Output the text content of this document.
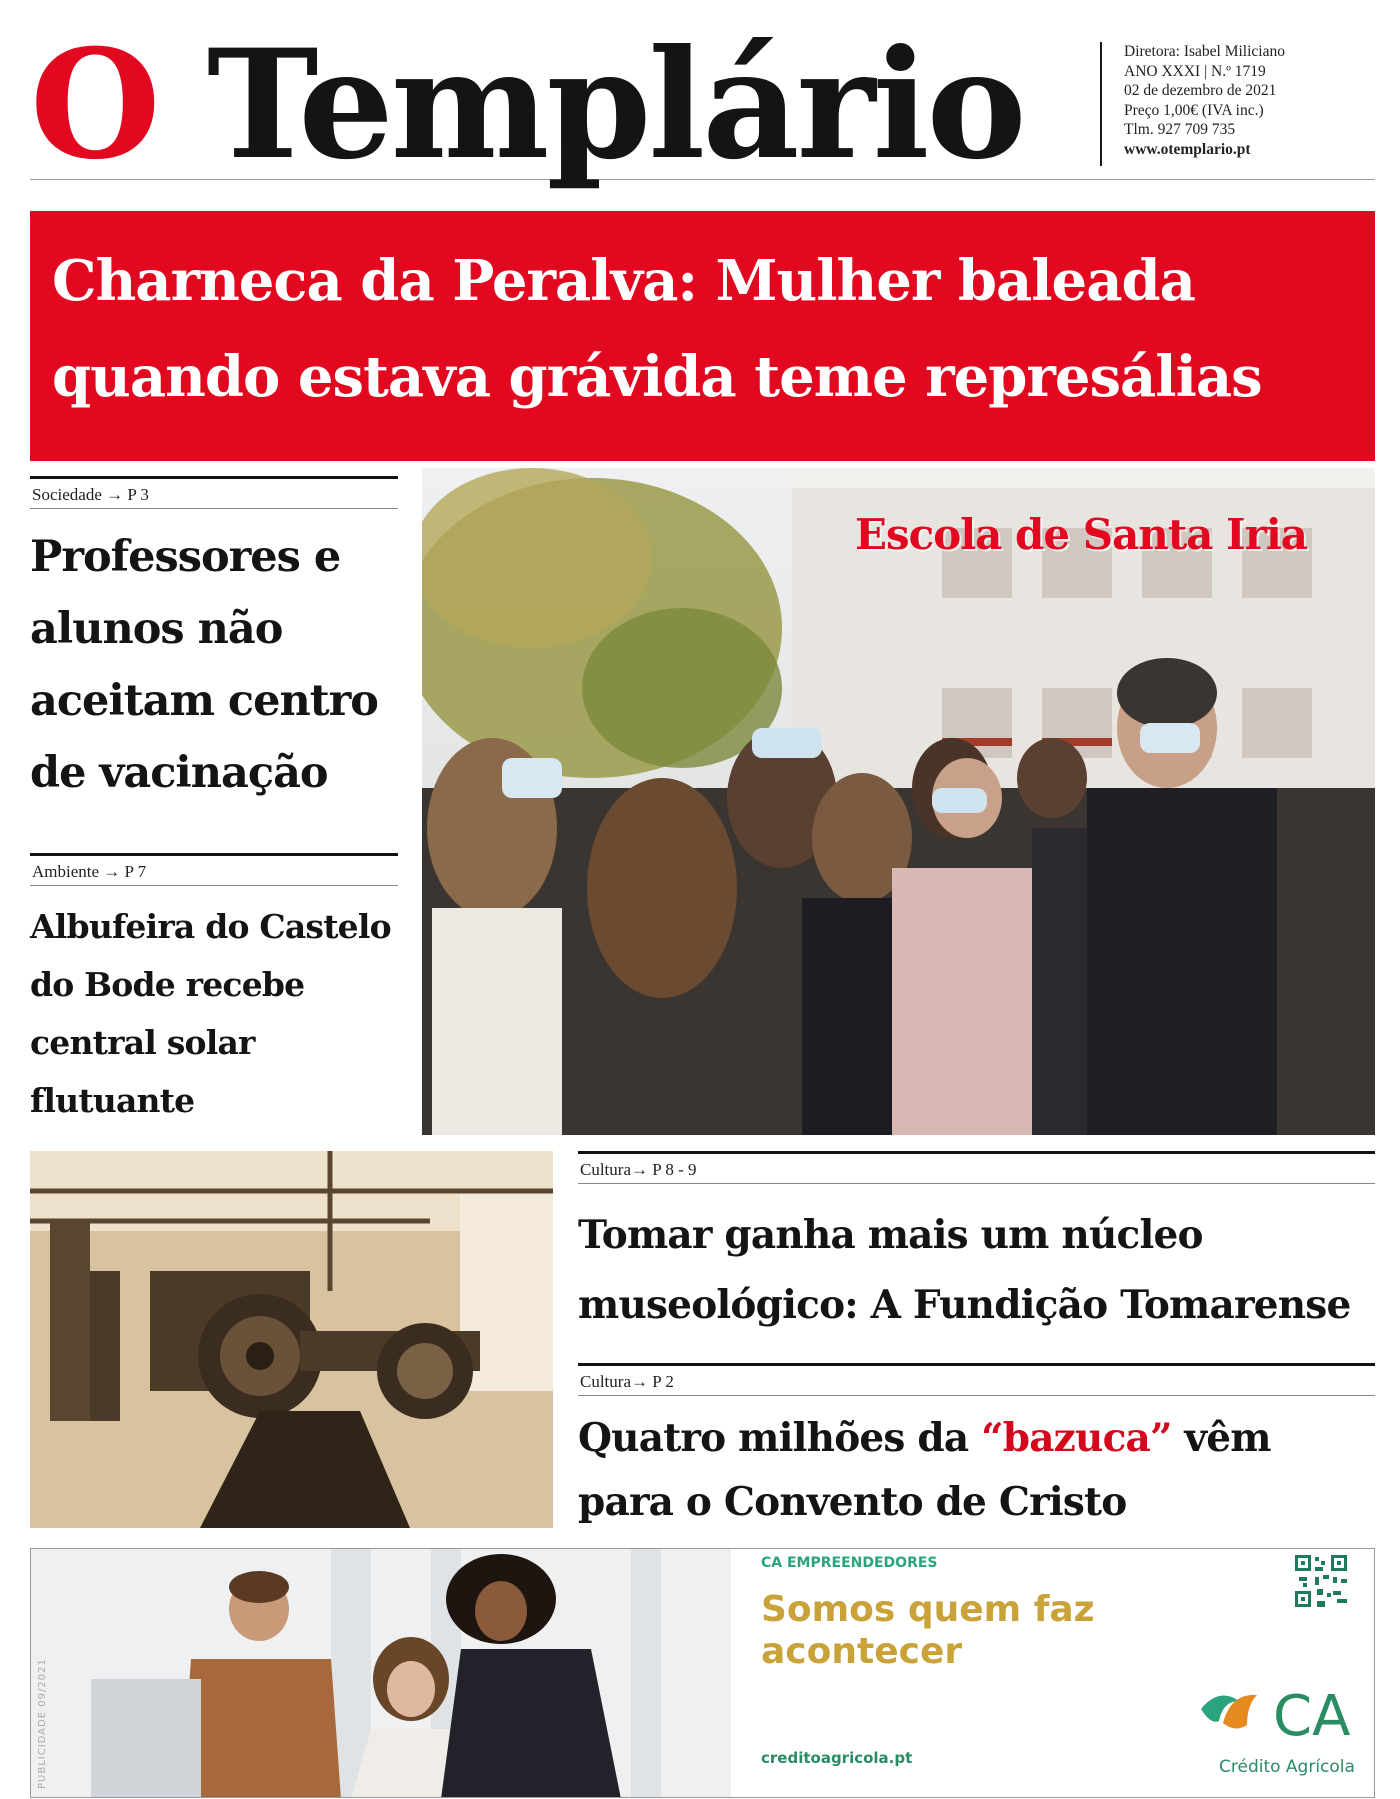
O Templário	Diretora: Isabel Miliciano
ANO XXXI | N.º 1719
02 de dezembro de 2021
Preço 1,00€ (IVA inc.)
Tlm. 927 709 735
www.otemplario.pt
Charneca da Peralva: Mulher baleada quando estava grávida teme represálias
Sociedade → P 3
Professores e alunos não aceitam centro de vacinação
Ambiente → P 7
Albufeira do Castelo do Bode recebe central solar flutuante
Escola de Santa Iria
Cultura→ P 8 - 9
Tomar ganha mais um núcleo museológico: A Fundição Tomarense
Cultura→ P 2
Quatro milhões da “bazuca” vêm para o Convento de Cristo
PUBLICIDADE 09/2021
CA EMPREENDEDORES
Somos quem faz acontecer
creditoagricola.pt
CA
Crédito Agrícola
